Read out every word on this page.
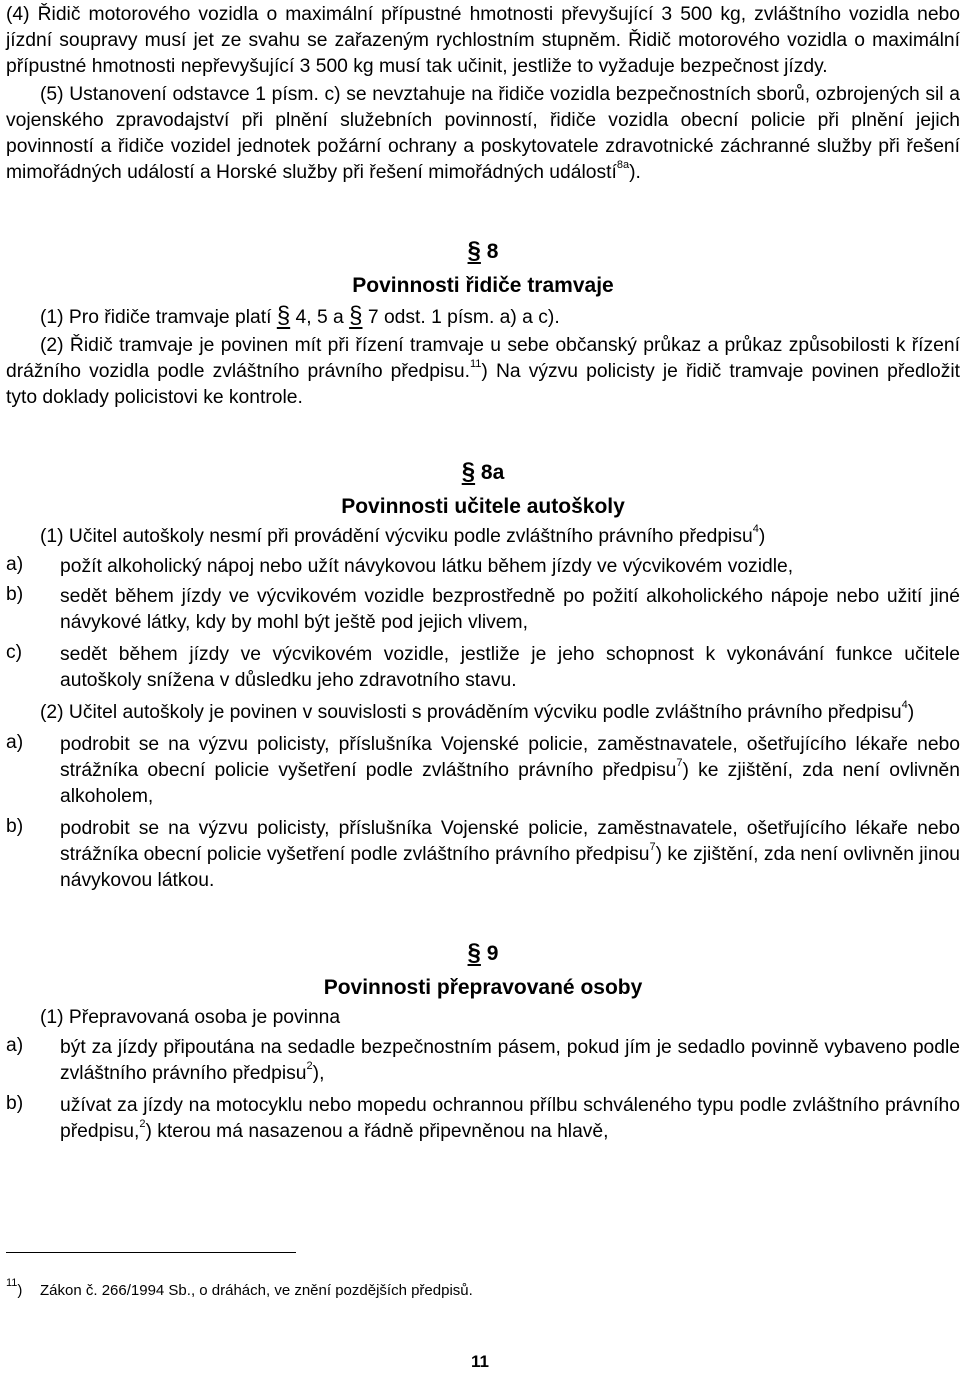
(4) Řidič motorového vozidla o maximální přípustné hmotnosti převyšující 3 500 kg, zvláštního vozidla nebo jízdní soupravy musí jet ze svahu se zařazeným rychlostním stupněm. Řidič motorového vozidla o maximální přípustné hmotnosti nepřevyšující 3 500 kg musí tak učinit, jestliže to vyžaduje bezpečnost jízdy.

(5) Ustanovení odstavce 1 písm. c) se nevztahuje na řidiče vozidla bezpečnostních sborů, ozbrojených sil a vojenského zpravodajství při plnění služebních povinností, řidiče vozidla obecní policie při plnění jejich povinností a řidiče vozidel jednotek požární ochrany a poskytovatele zdravotnické záchranné služby při řešení mimořádných událostí a Horské služby při řešení mimořádných událostí$^{8a}$).

§ 8
Povinnosti řidiče tramvaje

(1) Pro řidiče tramvaje platí § 4, 5 a § 7 odst. 1 písm. a) a c).

(2) Řidič tramvaje je povinen mít při řízení tramvaje u sebe občanský průkaz a průkaz způsobilosti k řízení drážního vozidla podle zvláštního právního předpisu.$^{11}$) Na výzvu policisty je řidič tramvaje povinen předložit tyto doklady policistovi ke kontrole.

§ 8a
Povinnosti učitele autoškoly

(1) Učitel autoškoly nesmí při provádění výcviku podle zvláštního právního předpisu$^4$)

a)	požít alkoholický nápoj nebo užít návykovou látku během jízdy ve výcvikovém vozidle,
b)	sedět během jízdy ve výcvikovém vozidle bezprostředně po požití alkoholického nápoje nebo užití jiné návykové látky, kdy by mohl být ještě pod jejich vlivem,
c)	sedět během jízdy ve výcvikovém vozidle, jestliže je jeho schopnost k vykonávání funkce učitele autoškoly snížena v důsledku jeho zdravotního stavu.

(2) Učitel autoškoly je povinen v souvislosti s prováděním výcviku podle zvláštního právního předpisu$^4$)

a)	podrobit se na výzvu policisty, příslušníka Vojenské policie, zaměstnavatele, ošetřujícího lékaře nebo strážníka obecní policie vyšetření podle zvláštního právního předpisu$^7$) ke zjištění, zda není ovlivněn alkoholem,
b)	podrobit se na výzvu policisty, příslušníka Vojenské policie, zaměstnavatele, ošetřujícího lékaře nebo strážníka obecní policie vyšetření podle zvláštního právního předpisu$^7$) ke zjištění, zda není ovlivněn jinou návykovou látkou.
§ 9
Povinnosti přepravované osoby

(1) Přepravovaná osoba je povinna

a)	být za jízdy připoutána na sedadle bezpečnostním pásem, pokud jím je sedadlo povinně vybaveno podle zvláštního právního předpisu$^2$),
b)	užívat za jízdy na motocyklu nebo mopedu ochrannou přílbu schváleného typu podle zvláštního právního předpisu,$^2$) kterou má nasazenou a řádně připevněnou na hlavě,
$^{11}$)	Zákon č. 266/1994 Sb., o dráhách, ve znění pozdějších předpisů.
11
